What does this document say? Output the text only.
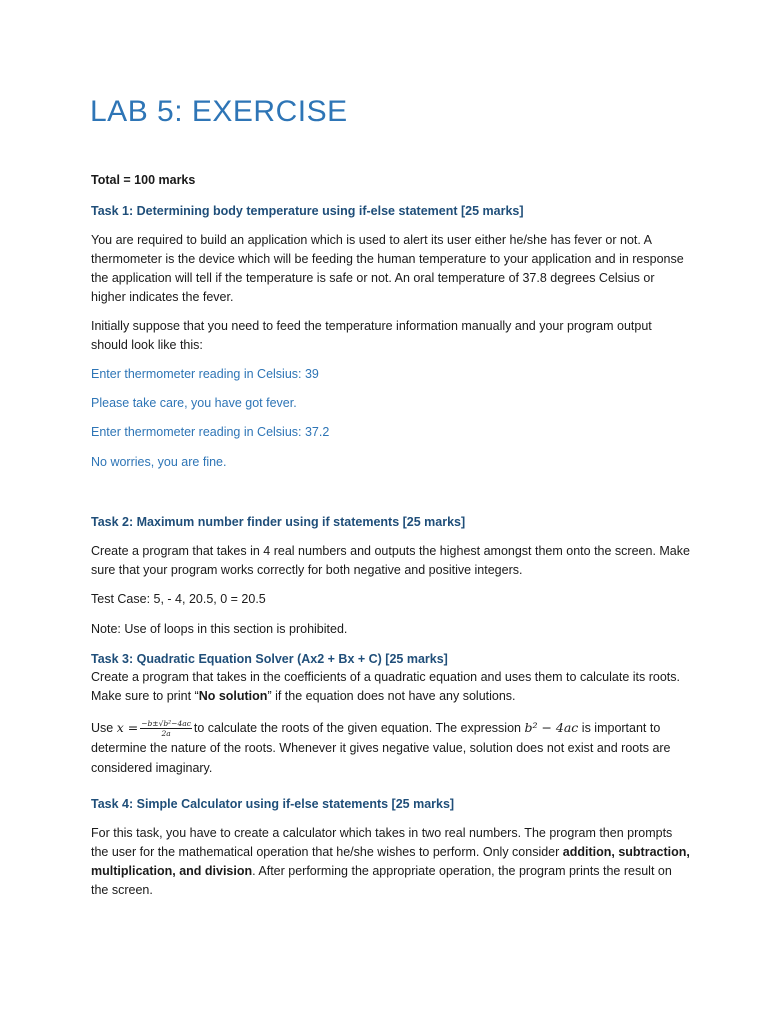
LAB 5: EXERCISE

Total = 100 marks

Task 1: Determining body temperature using if-else statement [25 marks]

You are required to build an application which is used to alert its user either he/she has fever or not. A thermometer is the device which will be feeding the human temperature to your application and in response the application will tell if the temperature is safe or not. An oral temperature of 37.8 degrees Celsius or higher indicates the fever.

Initially suppose that you need to feed the temperature information manually and your program output should look like this:

Enter thermometer reading in Celsius: 39

Please take care, you have got fever.

Enter thermometer reading in Celsius: 37.2

No worries, you are fine.

Task 2: Maximum number finder using if statements [25 marks]

Create a program that takes in 4 real numbers and outputs the highest amongst them onto the screen. Make sure that your program works correctly for both negative and positive integers.

Test Case: 5, - 4, 20.5, 0 = 20.5

Note: Use of loops in this section is prohibited.

Task 3: Quadratic Equation Solver (Ax2 + Bx + C) [25 marks]

Create a program that takes in the coefficients of a quadratic equation and uses them to calculate its roots. Make sure to print “No solution” if the equation does not have any solutions.

Use $x = \frac{\text{−b±√b²−4ac}}{2a}$ to calculate the roots of the given equation. The expression b² − 4ac is important to determine the nature of the roots. Whenever it gives negative value, solution does not exist and roots are considered imaginary.

Task 4: Simple Calculator using if-else statements [25 marks]

For this task, you have to create a calculator which takes in two real numbers. The program then prompts the user for the mathematical operation that he/she wishes to perform. Only consider addition, subtraction, multiplication, and division. After performing the appropriate operation, the program prints the result on the screen.
